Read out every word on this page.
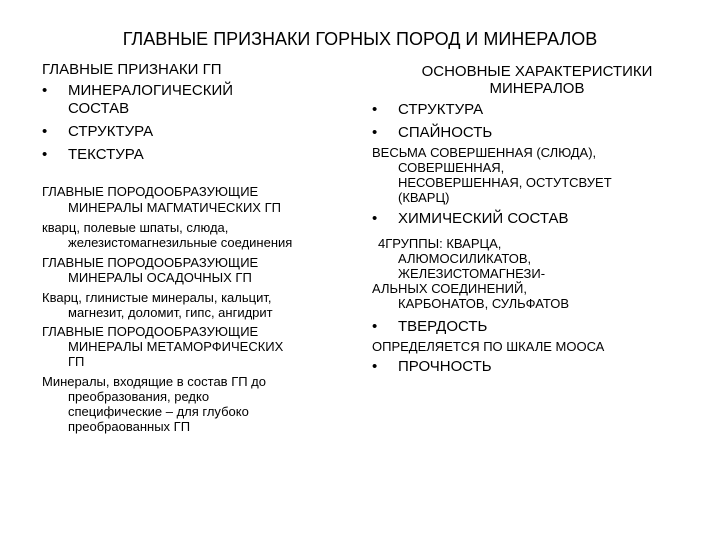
ГЛАВНЫЕ ПРИЗНАКИ ГОРНЫХ ПОРОД И МИНЕРАЛОВ
ГЛАВНЫЕ ПРИЗНАКИ ГП
• МИНЕРАЛОГИЧЕСКИЙ
СОСТАВ
• СТРУКТУРА
• ТЕКСТУРА
ГЛАВНЫЕ ПОРОДООБРАЗУЮЩИЕ
МИНЕРАЛЫ МАГМАТИЧЕСКИХ ГП
кварц, полевые шпаты, слюда,
железистомагнезильные соединения
ГЛАВНЫЕ ПОРОДООБРАЗУЮЩИЕ
МИНЕРАЛЫ ОСАДОЧНЫХ ГП
Кварц, глинистые минералы, кальцит,
магнезит, доломит, гипс, ангидрит
ГЛАВНЫЕ ПОРОДООБРАЗУЮЩИЕ
МИНЕРАЛЫ МЕТАМОРФИЧЕСКИХ
ГП
Минералы, входящие в состав ГП до
преобразования, редко
специфические – для глубоко
преобраованных ГП
ОСНОВНЫЕ ХАРАКТЕРИСТИКИ
МИНЕРАЛОВ
• СТРУКТУРА
• СПАЙНОСТЬ
ВЕСЬМА СОВЕРШЕННАЯ (СЛЮДА),
СОВЕРШЕННАЯ,
НЕСОВЕРШЕННАЯ, ОСТУТСВУЕТ
(КВАРЦ)
• ХИМИЧЕСКИЙ СОСТАВ
4ГРУППЫ: КВАРЦА,
АЛЮМОСИЛИКАТОВ,
ЖЕЛЕЗИСТОМАГНЕЗИ-
АЛЬНЫХ СОЕДИНЕНИЙ,
КАРБОНАТОВ, СУЛЬФАТОВ
• ТВЕРДОСТЬ
ОПРЕДЕЛЯЕТСЯ ПО ШКАЛЕ МООСА
• ПРОЧНОСТЬ
